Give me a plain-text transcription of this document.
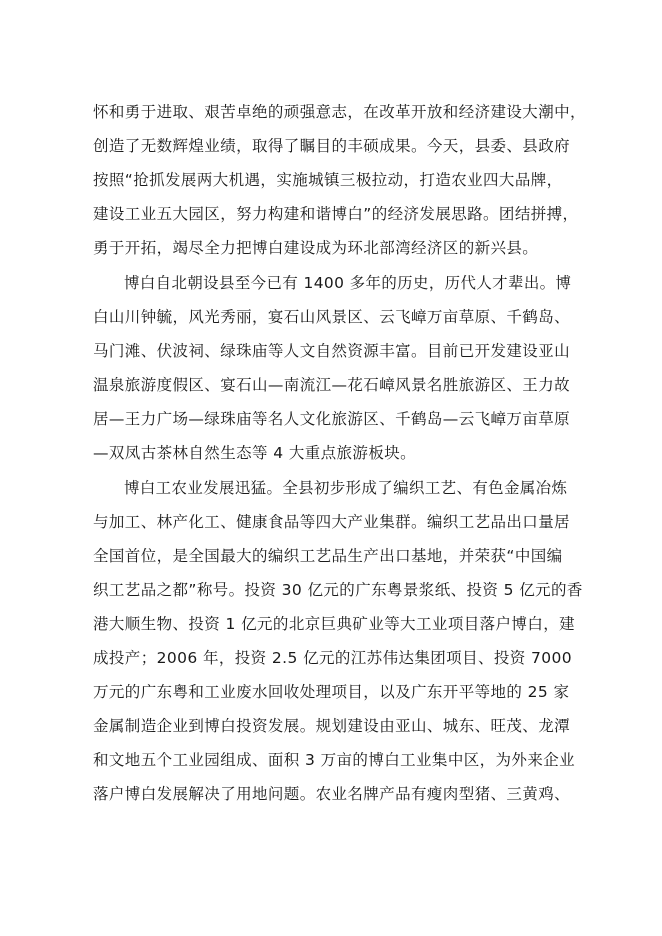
怀和勇于进取、艰苦卓绝的顽强意志，在改革开放和经济建设大潮中，
创造了无数辉煌业绩，取得了瞩目的丰硕成果。今天，县委、县政府
按照“抢抓发展两大机遇，实施城镇三极拉动，打造农业四大品牌，
建设工业五大园区，努力构建和谐博白”的经济发展思路。团结拼搏，
勇于开拓，竭尽全力把博白建设成为环北部湾经济区的新兴县。
博白自北朝设县至今已有 1400 多年的历史，历代人才辈出。博
白山川钟毓，风光秀丽，宴石山风景区、云飞嶂万亩草原、千鹤岛、
马门滩、伏波祠、绿珠庙等人文自然资源丰富。目前已开发建设亚山
温泉旅游度假区、宴石山—南流江—花石嶂风景名胜旅游区、王力故
居—王力广场—绿珠庙等名人文化旅游区、千鹤岛—云飞嶂万亩草原
—双凤古茶林自然生态等 4 大重点旅游板块。
博白工农业发展迅猛。全县初步形成了编织工艺、有色金属冶炼
与加工、林产化工、健康食品等四大产业集群。编织工艺品出口量居
全国首位，是全国最大的编织工艺品生产出口基地，并荣获“中国编
织工艺品之都”称号。投资 30 亿元的广东粤景浆纸、投资 5 亿元的香
港大顺生物、投资 1 亿元的北京巨典矿业等大工业项目落户博白，建
成投产；2006 年，投资 2.5 亿元的江苏伟达集团项目、投资 7000
万元的广东粤和工业废水回收处理项目，以及广东开平等地的 25 家
金属制造企业到博白投资发展。规划建设由亚山、城东、旺茂、龙潭
和文地五个工业园组成、面积 3 万亩的博白工业集中区，为外来企业
落户博白发展解决了用地问题。农业名牌产品有瘦肉型猪、三黄鸡、
